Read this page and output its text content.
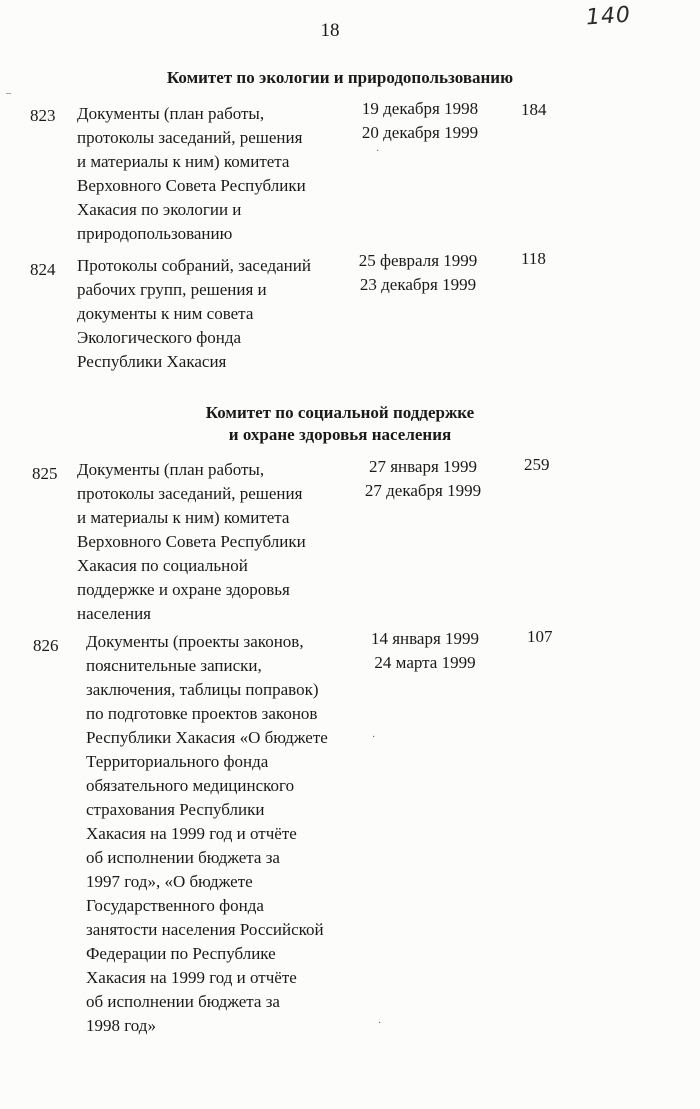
18	140
‒
Комитет по экологии и природопользованию
823 Документы (план работы,
протоколы заседаний, решения
и материалы к ним) комитета
Верховного Совета Республики
Хакасия по экологии и
природопользованию
19 декабря 1998
20 декабря 1999
184
824 Протоколы собраний, заседаний
рабочих групп, решения и
документы к ним совета
Экологического фонда
Республики Хакасия
25 февраля 1999
23 декабря 1999
118
Комитет по социальной поддержке
и охране здоровья населения
825 Документы (план работы,
протоколы заседаний, решения
и материалы к ним) комитета
Верховного Совета Республики
Хакасия по социальной
поддержке и охране здоровья
населения
27 января 1999
27 декабря 1999
259
826 Документы (проекты законов,
пояснительные записки,
заключения, таблицы поправок)
по подготовке проектов законов
Республики Хакасия «О бюджете
Территориального фонда
обязательного медицинского
страхования Республики
Хакасия на 1999 год и отчёте
об исполнении бюджета за
1997 год», «О бюджете
Государственного фонда
занятости населения Российской
Федерации по Республике
Хакасия на 1999 год и отчёте
об исполнении бюджета за
1998 год»
14 января 1999
24 марта 1999
107
·
·
·
